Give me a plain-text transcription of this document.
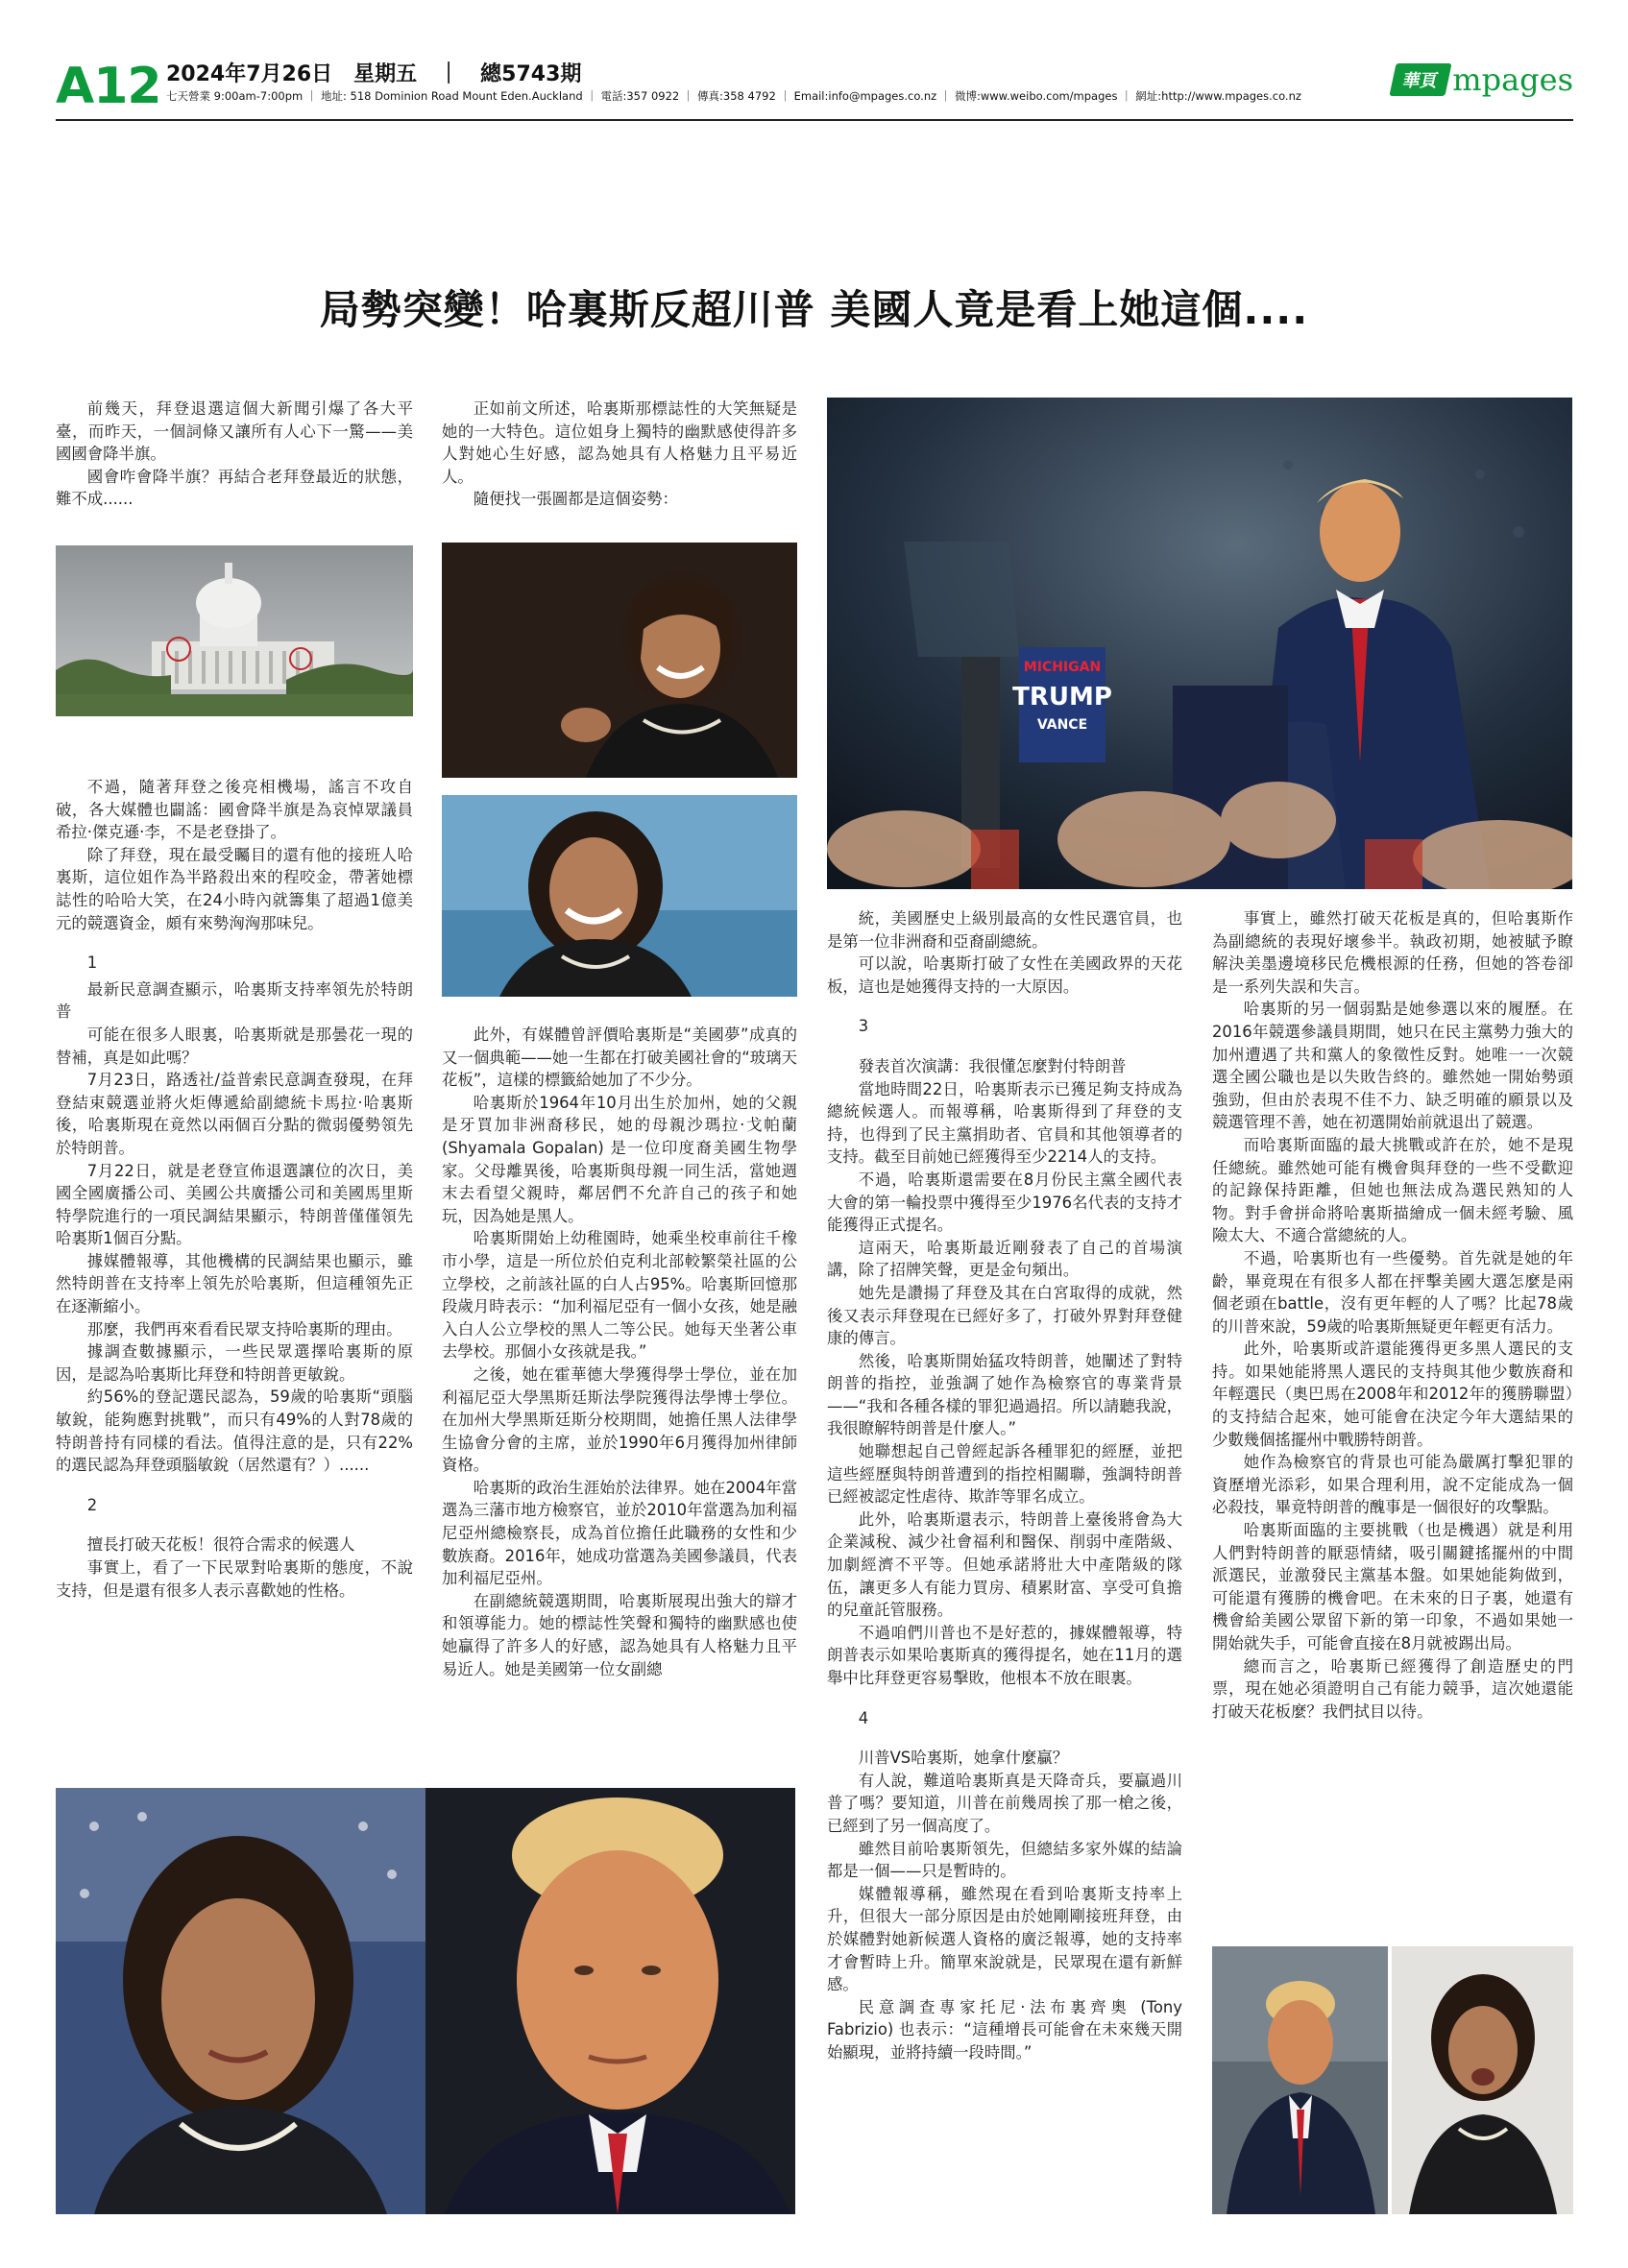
A12 2024年7月26日　星期五　｜　總5743期
七天營業 9:00am-7:00pm ｜ 地址: 518 Dominion Road Mount Eden.Auckland ｜ 電話:357 0922 ｜ 傳真:358 4792 ｜ Email:info@mpages.co.nz ｜ 微博:www.weibo.com/mpages ｜ 網址:http://www.mpages.co.nz
華頁 mpages
局勢突變！哈裏斯反超川普 美國人竟是看上她這個....

前幾天，拜登退選這個大新聞引爆了各大平臺，而昨天，一個詞條又讓所有人心下一驚——美國國會降半旗。

國會咋會降半旗？再結合老拜登最近的狀態，難不成......

不過，隨著拜登之後亮相機場，謠言不攻自破，各大媒體也闢謠：國會降半旗是為哀悼眾議員希拉·傑克遜·李，不是老登掛了。

除了拜登，現在最受矚目的還有他的接班人哈裏斯，這位姐作為半路殺出來的程咬金，帶著她標誌性的哈哈大笑，在24小時內就籌集了超過1億美元的競選資金，頗有來勢洶洶那味兒。

1

最新民意調查顯示，哈裏斯支持率領先於特朗普

可能在很多人眼裏，哈裏斯就是那曇花一現的替補，真是如此嗎？

7月23日，路透社/益普索民意調查發現，在拜登結束競選並將火炬傳遞給副總統卡馬拉·哈裏斯後，哈裏斯現在竟然以兩個百分點的微弱優勢領先於特朗普。

7月22日，就是老登宣佈退選讓位的次日，美國全國廣播公司、美國公共廣播公司和美國馬里斯特學院進行的一項民調結果顯示，特朗普僅僅領先哈裏斯1個百分點。

據媒體報導，其他機構的民調結果也顯示，雖然特朗普在支持率上領先於哈裏斯，但這種領先正在逐漸縮小。

那麼，我們再來看看民眾支持哈裏斯的理由。

據調查數據顯示，一些民眾選擇哈裏斯的原因，是認為哈裏斯比拜登和特朗普更敏銳。

約56%的登記選民認為，59歲的哈裏斯“頭腦敏銳，能夠應對挑戰”，而只有49%的人對78歲的特朗普持有同樣的看法。值得注意的是，只有22%的選民認為拜登頭腦敏銳（居然還有？）......

2

擅長打破天花板！很符合需求的候選人

事實上，看了一下民眾對哈裏斯的態度，不說支持，但是還有很多人表示喜歡她的性格。

正如前文所述，哈裏斯那標誌性的大笑無疑是她的一大特色。這位姐身上獨特的幽默感使得許多人對她心生好感，認為她具有人格魅力且平易近人。

隨便找一張圖都是這個姿勢：

此外，有媒體曾評價哈裏斯是“美國夢”成真的又一個典範——她一生都在打破美國社會的“玻璃天花板”，這樣的標籤給她加了不少分。

哈裏斯於1964年10月出生於加州，她的父親是牙買加非洲裔移民，她的母親沙瑪拉·戈帕蘭 (Shyamala Gopalan) 是一位印度裔美國生物學家。父母離異後，哈裏斯與母親一同生活，當她週末去看望父親時，鄰居們不允許自己的孩子和她玩，因為她是黑人。

哈裏斯開始上幼稚園時，她乘坐校車前往千橡市小學，這是一所位於伯克利北部較繁榮社區的公立學校，之前該社區的白人占95%。哈裏斯回憶那段歲月時表示：“加利福尼亞有一個小女孩，她是融入白人公立學校的黑人二等公民。她每天坐著公車去學校。那個小女孩就是我。”

之後，她在霍華德大學獲得學士學位，並在加利福尼亞大學黑斯廷斯法學院獲得法學博士學位。在加州大學黑斯廷斯分校期間，她擔任黑人法律學生協會分會的主席，並於1990年6月獲得加州律師資格。

哈裏斯的政治生涯始於法律界。她在2004年當選為三藩市地方檢察官，並於2010年當選為加利福尼亞州總檢察長，成為首位擔任此職務的女性和少數族裔。2016年，她成功當選為美國參議員，代表加利福尼亞州。

在副總統競選期間，哈裏斯展現出強大的辯才和領導能力。她的標誌性笑聲和獨特的幽默感也使她贏得了許多人的好感，認為她具有人格魅力且平易近人。她是美國第一位女副總

MICHIGAN
TRUMP
VANCE

統，美國歷史上級別最高的女性民選官員，也是第一位非洲裔和亞裔副總統。

可以說，哈裏斯打破了女性在美國政界的天花板，這也是她獲得支持的一大原因。

3

發表首次演講：我很懂怎麼對付特朗普

當地時間22日，哈裏斯表示已獲足夠支持成為總統候選人。而報導稱，哈裏斯得到了拜登的支持，也得到了民主黨捐助者、官員和其他領導者的支持。截至目前她已經獲得至少2214人的支持。

不過，哈裏斯還需要在8月份民主黨全國代表大會的第一輪投票中獲得至少1976名代表的支持才能獲得正式提名。

這兩天，哈裏斯最近剛發表了自己的首場演講，除了招牌笑聲，更是金句頻出。

她先是讚揚了拜登及其在白宮取得的成就，然後又表示拜登現在已經好多了，打破外界對拜登健康的傳言。

然後，哈裏斯開始猛攻特朗普，她闡述了對特朗普的指控，並強調了她作為檢察官的專業背景——“我和各種各樣的罪犯過過招。所以請聽我說，我很瞭解特朗普是什麼人。”

她聯想起自己曾經起訴各種罪犯的經歷，並把這些經歷與特朗普遭到的指控相關聯，強調特朗普已經被認定性虐待、欺詐等罪名成立。

此外，哈裏斯還表示，特朗普上臺後將會為大企業減稅、減少社會福利和醫保、削弱中產階級、加劇經濟不平等。但她承諾將壯大中產階級的隊伍，讓更多人有能力買房、積累財富、享受可負擔的兒童託管服務。

不過咱們川普也不是好惹的，據媒體報導，特朗普表示如果哈裏斯真的獲得提名，她在11月的選舉中比拜登更容易擊敗，他根本不放在眼裏。

4

川普VS哈裏斯，她拿什麼贏？

有人說，難道哈裏斯真是天降奇兵，要贏過川普了嗎？要知道，川普在前幾周挨了那一槍之後，已經到了另一個高度了。

雖然目前哈裏斯領先，但總結多家外媒的結論都是一個——只是暫時的。

媒體報導稱，雖然現在看到哈裏斯支持率上升，但很大一部分原因是由於她剛剛接班拜登，由於媒體對她新候選人資格的廣泛報導，她的支持率才會暫時上升。簡單來說就是，民眾現在還有新鮮感。

民意調查專家托尼·法布裏齊奧 (Tony Fabrizio) 也表示：“這種增長可能會在未來幾天開始顯現，並將持續一段時間。”

事實上，雖然打破天花板是真的，但哈裏斯作為副總統的表現好壞參半。執政初期，她被賦予瞭解決美墨邊境移民危機根源的任務，但她的答卷卻是一系列失誤和失言。

哈裏斯的另一個弱點是她參選以來的履歷。在2016年競選參議員期間，她只在民主黨勢力強大的加州遭遇了共和黨人的象徵性反對。她唯一一次競選全國公職也是以失敗告終的。雖然她一開始勢頭強勁，但由於表現不佳不力、缺乏明確的願景以及競選管理不善，她在初選開始前就退出了競選。

而哈裏斯面臨的最大挑戰或許在於，她不是現任總統。雖然她可能有機會與拜登的一些不受歡迎的記錄保持距離，但她也無法成為選民熟知的人物。對手會拼命將哈裏斯描繪成一個未經考驗、風險太大、不適合當總統的人。

不過，哈裏斯也有一些優勢。首先就是她的年齡，畢竟現在有很多人都在抨擊美國大選怎麼是兩個老頭在battle，沒有更年輕的人了嗎？比起78歲的川普來說，59歲的哈裏斯無疑更年輕更有活力。

此外，哈裏斯或許還能獲得更多黑人選民的支持。如果她能將黑人選民的支持與其他少數族裔和年輕選民（奧巴馬在2008年和2012年的獲勝聯盟）的支持結合起來，她可能會在決定今年大選結果的少數幾個搖擺州中戰勝特朗普。

她作為檢察官的背景也可能為嚴厲打擊犯罪的資歷增光添彩，如果合理利用，說不定能成為一個必殺技，畢竟特朗普的醜事是一個很好的攻擊點。

哈裏斯面臨的主要挑戰（也是機遇）就是利用人們對特朗普的厭惡情緒，吸引關鍵搖擺州的中間派選民，並激發民主黨基本盤。如果她能夠做到，可能還有獲勝的機會吧。在未來的日子裏，她還有機會給美國公眾留下新的第一印象，不過如果她一開始就失手，可能會直接在8月就被踢出局。

總而言之，哈裏斯已經獲得了創造歷史的門票，現在她必須證明自己有能力競爭，這次她還能打破天花板麼？我們拭目以待。
